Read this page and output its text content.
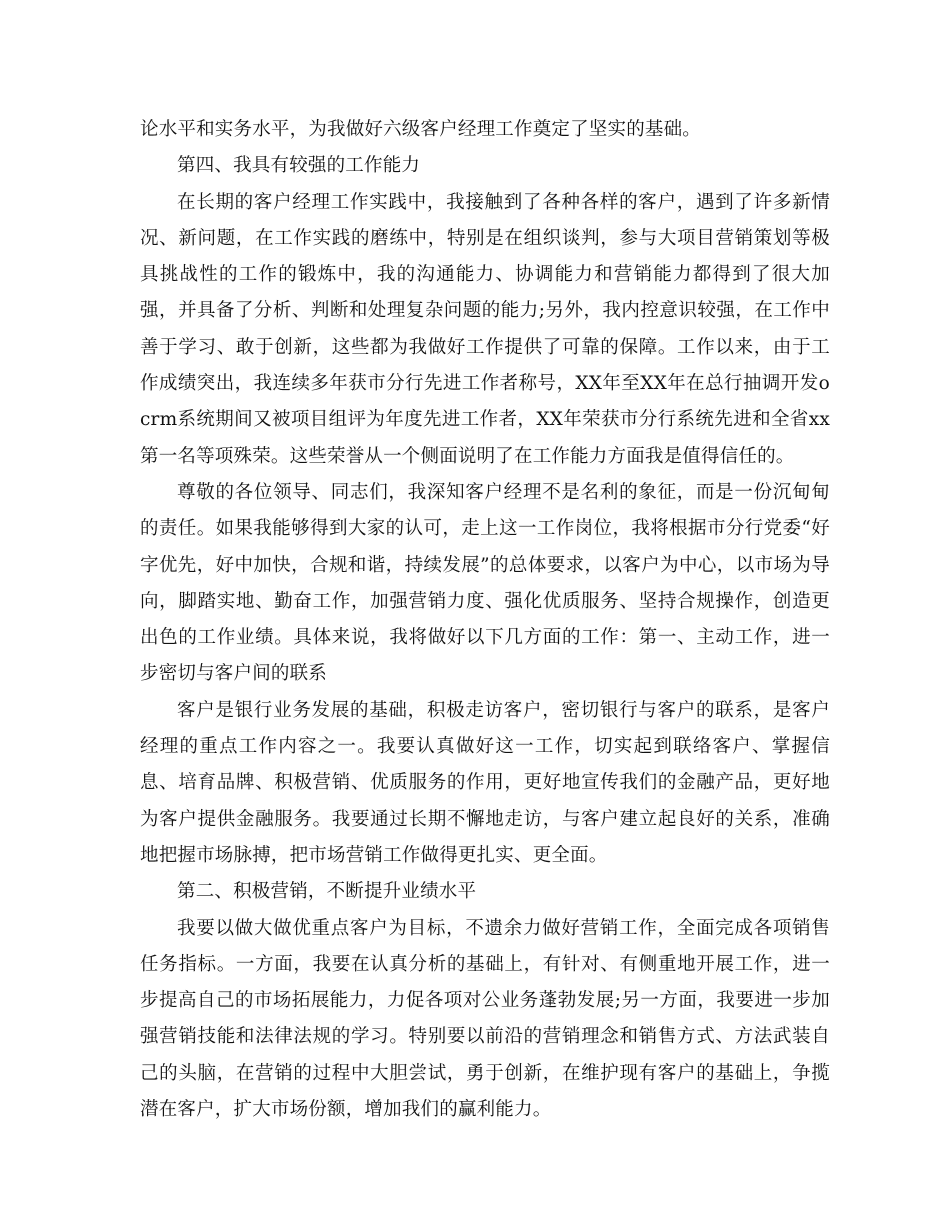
论水平和实务水平，为我做好六级客户经理工作奠定了坚实的基础。

第四、我具有较强的工作能力

在长期的客户经理工作实践中，我接触到了各种各样的客户，遇到了许多新情况、新问题，在工作实践的磨练中，特别是在组织谈判，参与大项目营销策划等极具挑战性的工作的锻炼中，我的沟通能力、协调能力和营销能力都得到了很大加强，并具备了分析、判断和处理复杂问题的能力;另外，我内控意识较强，在工作中善于学习、敢于创新，这些都为我做好工作提供了可靠的保障。工作以来，由于工作成绩突出，我连续多年获市分行先进工作者称号，XX年至XX年在总行抽调开发ocrm系统期间又被项目组评为年度先进工作者，XX年荣获市分行系统先进和全省xx第一名等项殊荣。这些荣誉从一个侧面说明了在工作能力方面我是值得信任的。

尊敬的各位领导、同志们，我深知客户经理不是名利的象征，而是一份沉甸甸的责任。如果我能够得到大家的认可，走上这一工作岗位，我将根据市分行党委“好字优先，好中加快，合规和谐，持续发展”的总体要求，以客户为中心，以市场为导向，脚踏实地、勤奋工作，加强营销力度、强化优质服务、坚持合规操作，创造更出色的工作业绩。具体来说，我将做好以下几方面的工作：第一、主动工作，进一步密切与客户间的联系

客户是银行业务发展的基础，积极走访客户，密切银行与客户的联系，是客户经理的重点工作内容之一。我要认真做好这一工作，切实起到联络客户、掌握信息、培育品牌、积极营销、优质服务的作用，更好地宣传我们的金融产品，更好地为客户提供金融服务。我要通过长期不懈地走访，与客户建立起良好的关系，准确地把握市场脉搏，把市场营销工作做得更扎实、更全面。

第二、积极营销，不断提升业绩水平

我要以做大做优重点客户为目标，不遗余力做好营销工作，全面完成各项销售任务指标。一方面，我要在认真分析的基础上，有针对、有侧重地开展工作，进一步提高自己的市场拓展能力，力促各项对公业务蓬勃发展;另一方面，我要进一步加强营销技能和法律法规的学习。特别要以前沿的营销理念和销售方式、方法武装自己的头脑，在营销的过程中大胆尝试，勇于创新，在维护现有客户的基础上，争揽潜在客户，扩大市场份额，增加我们的赢利能力。
